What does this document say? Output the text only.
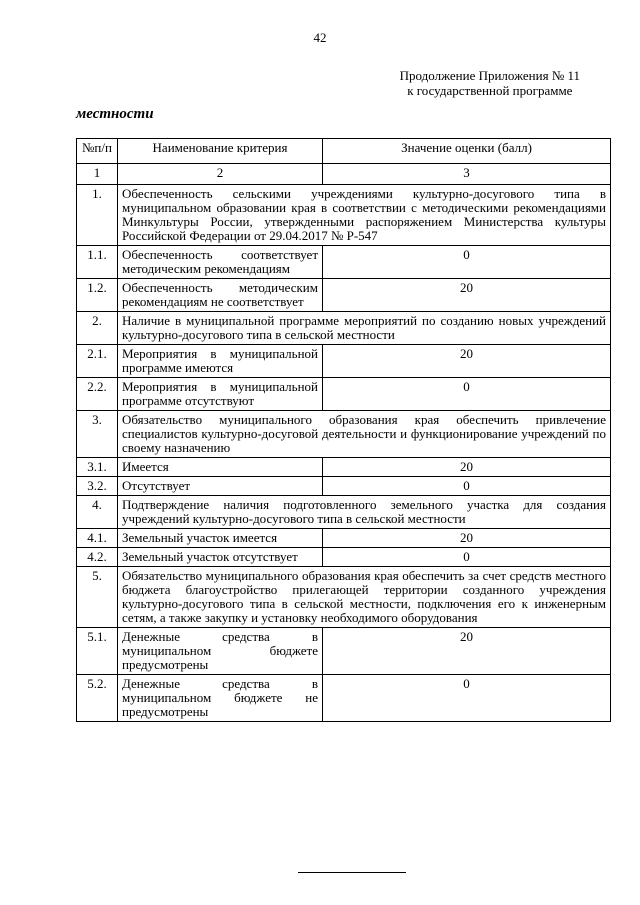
42
Продолжение Приложения № 11
к государственной программе
местности
№п/п	Наименование критерия	Значение оценки (балл)
1	2	3
1.	Обеспеченность сельскими учреждениями культурно-досугового типа в муниципальном образовании края в соответствии с методическими рекомендациями Минкультуры России, утвержденными распоряжением Министерства культуры Российской Федерации от 29.04.2017 № Р-547	
1.1.	Обеспеченность соответствует методическим рекомендациям	0
1.2.	Обеспеченность методическим рекомендациям не соответствует	20
2.	Наличие в муниципальной программе мероприятий по созданию новых учреждений культурно-досугового типа в сельской местности	
2.1.	Мероприятия в муниципальной программе имеются	20
2.2.	Мероприятия в муниципальной программе отсутствуют	0
3.	Обязательство муниципального образования края обеспечить привлечение специалистов культурно-досуговой деятельности и функционирование учреждений по своему назначению	
3.1.	Имеется	20
3.2.	Отсутствует	0
4.	Подтверждение наличия подготовленного земельного участка для создания учреждений культурно-досугового типа в сельской местности	
4.1.	Земельный участок имеется	20
4.2.	Земельный участок отсутствует	0
5.	Обязательство муниципального образования края обеспечить за счет средств местного бюджета благоустройство прилегающей территории созданного учреждения культурно-досугового типа в сельской местности, подключения его к инженерным сетям, а также закупку и установку необходимого оборудования	
5.1.	Денежные средства в муниципальном бюджете предусмотрены	20
5.2.	Денежные средства в муниципальном бюджете не предусмотрены	0
